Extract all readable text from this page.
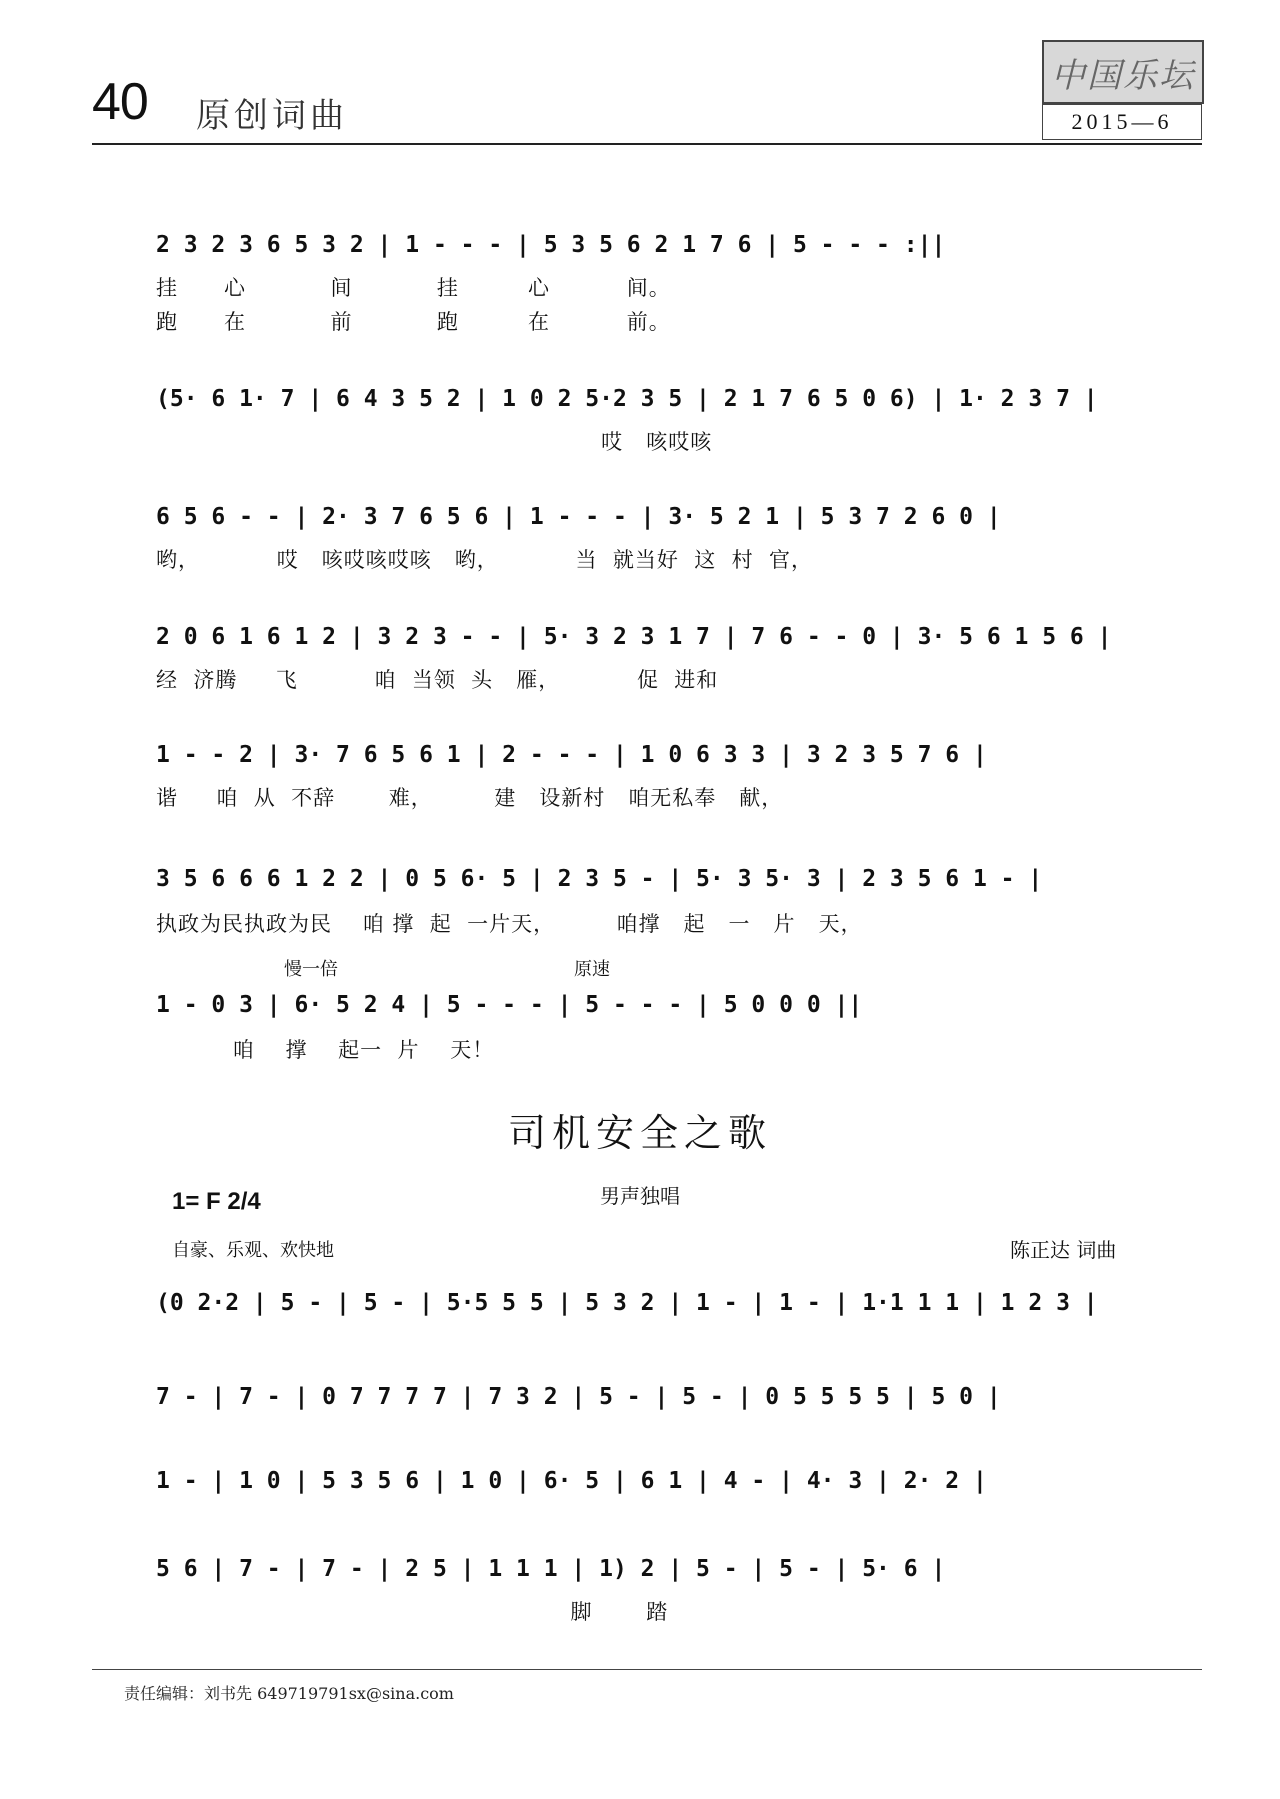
40 原创词曲
中国乐坛
2015—6
2 3 2 3 6 5 3 2 | 1 - - - | 5 3 5 6 2 1 7 6 | 5 - - - :||
挂      心           间           挂         心          间。
跑      在           前           跑         在          前。
(5· 6 1· 7 | 6 4 3 5 2 | 1 0 2 5·2 3 5 | 2 1 7 6 5 0 6) | 1· 2 3 7 |
哎   咳哎咳
6 5 6 - - | 2· 3 7 6 5 6 | 1 - - - | 3· 5 2 1 | 5 3 7 2 6 0 |
哟，          哎   咳哎咳哎咳   哟，          当  就当好  这  村  官，
2 0 6 1 6 1 2 | 3 2 3 - - | 5· 3 2 3 1 7 | 7 6 - - 0 | 3· 5 6 1 5 6 |
经  济腾     飞          咱  当领  头   雁，          促  进和
1 - - 2 | 3· 7 6 5 6 1 | 2 - - - | 1 0 6 3 3 | 3 2 3 5 7 6 |
谐     咱  从  不辞       难，        建   设新村   咱无私奉   献，
3 5 6 6 6 1 2 2 | 0 5 6· 5 | 2 3 5 - | 5· 3 5· 3 | 2 3 5 6 1 - |
执政为民执政为民    咱 撑  起  一片天，        咱撑   起   一   片   天，
慢一倍	原速
1 - 0 3 | 6· 5 2 4 | 5 - - - | 5 - - - | 5 0 0 0 ||
咱    撑    起一  片    天！
司机安全之歌
男声独唱
1= F 2/4
自豪、乐观、欢快地	陈正达 词曲
(0 2·2 | 5 - | 5 - | 5·5 5 5 | 5 3 2 | 1 - | 1 - | 1·1 1 1 | 1 2 3 |
7 - | 7 - | 0 7 7 7 7 | 7 3 2 | 5 - | 5 - | 0 5 5 5 5 | 5 0 |
1 - | 1 0 | 5 3 5 6 | 1 0 | 6· 5 | 6 1 | 4 - | 4· 3 | 2· 2 |
5 6 | 7 - | 7 - | 2 5 | 1 1 1 | 1) 2 | 5 - | 5 - | 5· 6 |
脚       踏
责任编辑：刘书先 649719791sx@sina.com
